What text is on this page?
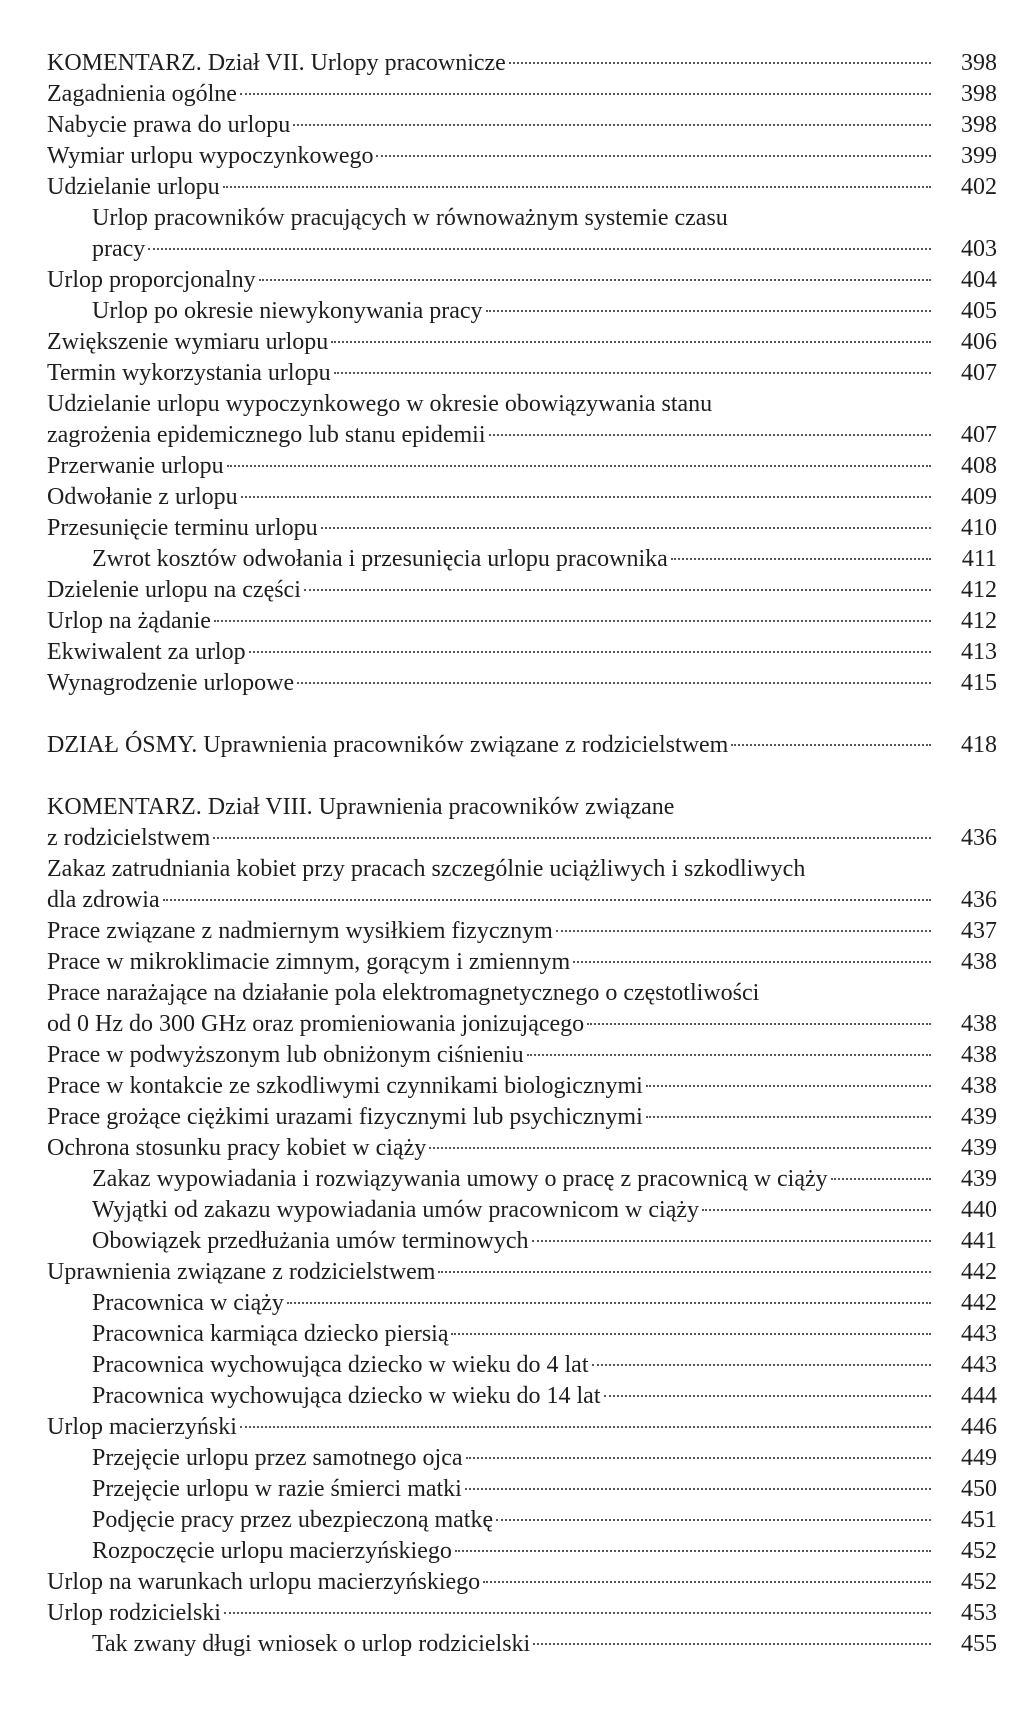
KOMENTARZ. Dział VII. Urlopy pracownicze	398
Zagadnienia ogólne	398
Nabycie prawa do urlopu	398
Wymiar urlopu wypoczynkowego	399
Udzielanie urlopu	402
Urlop pracowników pracujących w równoważnym systemie czasu
pracy	403
Urlop proporcjonalny	404
Urlop po okresie niewykonywania pracy	405
Zwiększenie wymiaru urlopu	406
Termin wykorzystania urlopu	407
Udzielanie urlopu wypoczynkowego w okresie obowiązywania stanu
zagrożenia epidemicznego lub stanu epidemii	407
Przerwanie urlopu	408
Odwołanie z urlopu	409
Przesunięcie terminu urlopu	410
Zwrot kosztów odwołania i przesunięcia urlopu pracownika	411
Dzielenie urlopu na części	412
Urlop na żądanie	412
Ekwiwalent za urlop	413
Wynagrodzenie urlopowe	415
DZIAŁ ÓSMY. Uprawnienia pracowników związane z rodzicielstwem	418
KOMENTARZ. Dział VIII. Uprawnienia pracowników związane
z rodzicielstwem	436
Zakaz zatrudniania kobiet przy pracach szczególnie uciążliwych i szkodliwych
dla zdrowia	436
Prace związane z nadmiernym wysiłkiem fizycznym	437
Prace w mikroklimacie zimnym, gorącym i zmiennym	438
Prace narażające na działanie pola elektromagnetycznego o częstotliwości
od 0 Hz do 300 GHz oraz promieniowania jonizującego	438
Prace w podwyższonym lub obniżonym ciśnieniu	438
Prace w kontakcie ze szkodliwymi czynnikami biologicznymi	438
Prace grożące ciężkimi urazami fizycznymi lub psychicznymi	439
Ochrona stosunku pracy kobiet w ciąży	439
Zakaz wypowiadania i rozwiązywania umowy o pracę z pracownicą w ciąży	439
Wyjątki od zakazu wypowiadania umów pracownicom w ciąży	440
Obowiązek przedłużania umów terminowych	441
Uprawnienia związane z rodzicielstwem	442
Pracownica w ciąży	442
Pracownica karmiąca dziecko piersią	443
Pracownica wychowująca dziecko w wieku do 4 lat	443
Pracownica wychowująca dziecko w wieku do 14 lat	444
Urlop macierzyński	446
Przejęcie urlopu przez samotnego ojca	449
Przejęcie urlopu w razie śmierci matki	450
Podjęcie pracy przez ubezpieczoną matkę	451
Rozpoczęcie urlopu macierzyńskiego	452
Urlop na warunkach urlopu macierzyńskiego	452
Urlop rodzicielski	453
Tak zwany długi wniosek o urlop rodzicielski	455
